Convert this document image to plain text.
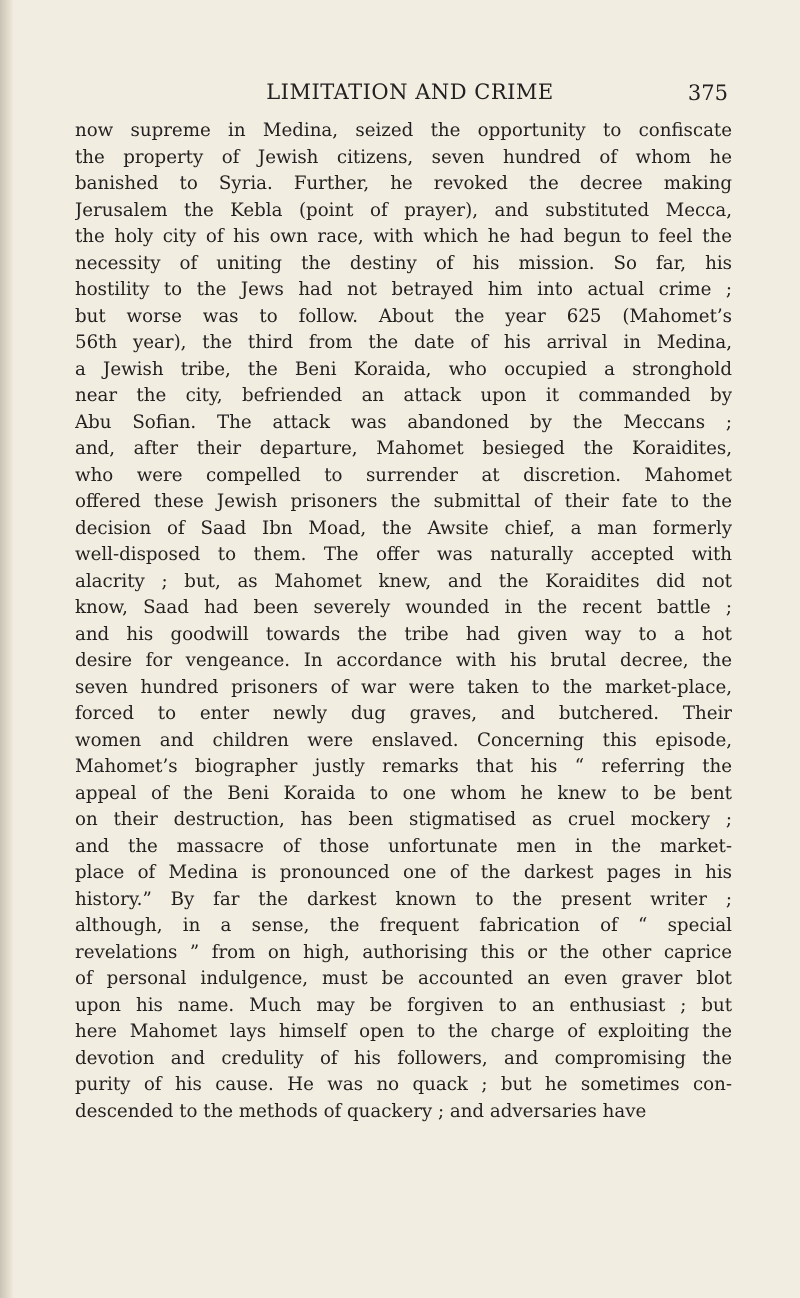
LIMITATION AND CRIME	375
now supreme in Medina, seized the opportunity to confiscate
the property of Jewish citizens, seven hundred of whom he
banished to Syria. Further, he revoked the decree making
Jerusalem the Kebla (point of prayer), and substituted Mecca,
the holy city of his own race, with which he had begun to feel the
necessity of uniting the destiny of his mission. So far, his
hostility to the Jews had not betrayed him into actual crime ;
but worse was to follow. About the year 625 (Mahomet’s
56th year), the third from the date of his arrival in Medina,
a Jewish tribe, the Beni Koraida, who occupied a stronghold
near the city, befriended an attack upon it commanded by
Abu Sofian. The attack was abandoned by the Meccans ;
and, after their departure, Mahomet besieged the Koraidites,
who were compelled to surrender at discretion. Mahomet
offered these Jewish prisoners the submittal of their fate to the
decision of Saad Ibn Moad, the Awsite chief, a man formerly
well-disposed to them. The offer was naturally accepted with
alacrity ; but, as Mahomet knew, and the Koraidites did not
know, Saad had been severely wounded in the recent battle ;
and his goodwill towards the tribe had given way to a hot
desire for vengeance. In accordance with his brutal decree, the
seven hundred prisoners of war were taken to the market-place,
forced to enter newly dug graves, and butchered. Their
women and children were enslaved. Concerning this episode,
Mahomet’s biographer justly remarks that his “ referring the
appeal of the Beni Koraida to one whom he knew to be bent
on their destruction, has been stigmatised as cruel mockery ;
and the massacre of those unfortunate men in the market-
place of Medina is pronounced one of the darkest pages in his
history.” By far the darkest known to the present writer ;
although, in a sense, the frequent fabrication of “ special
revelations ” from on high, authorising this or the other caprice
of personal indulgence, must be accounted an even graver blot
upon his name. Much may be forgiven to an enthusiast ; but
here Mahomet lays himself open to the charge of exploiting the
devotion and credulity of his followers, and compromising the
purity of his cause. He was no quack ; but he sometimes con-
descended to the methods of quackery ; and adversaries have
